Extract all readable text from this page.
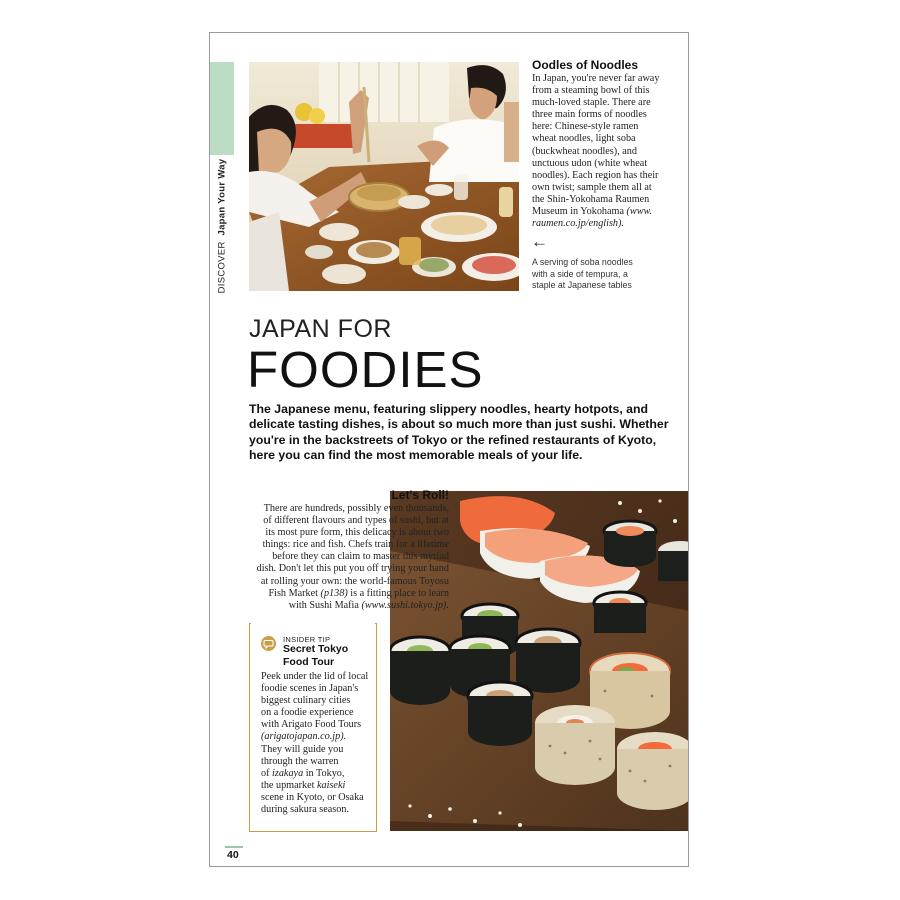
DISCOVER  Japan Your Way
Oodles of Noodles
In Japan, you're never far away
from a steaming bowl of this
much-loved staple. There are
three main forms of noodles
here: Chinese-style ramen
wheat noodles, light soba
(buckwheat noodles), and
unctuous udon (white wheat
noodles). Each region has their
own twist; sample them all at
the Shin-Yokohama Raumen
Museum in Yokohama (www.
raumen.co.jp/english).
←
A serving of soba noodles
with a side of tempura, a
staple at Japanese tables
JAPAN FOR
FOODIES
The Japanese menu, featuring slippery noodles, hearty hotpots, and
delicate tasting dishes, is about so much more than just sushi. Whether
you're in the backstreets of Tokyo or the refined restaurants of Kyoto,
here you can find the most memorable meals of your life.
Let's Roll!
There are hundreds, possibly even thousands,
of different flavours and types of sushi, but at
its most pure form, this delicacy is about two
things: rice and fish. Chefs train for a lifetime
before they can claim to master this myriad
dish. Don't let this put you off trying your hand
at rolling your own: the world-famous Toyosu
Fish Market (p138) is a fitting place to learn
with Sushi Mafia (www.sushi.tokyo.jp).
INSIDER TIP
Secret Tokyo
Food Tour
Peek under the lid of local
foodie scenes in Japan's
biggest culinary cities
on a foodie experience
with Arigato Food Tours
(arigatojapan.co.jp).
They will guide you
through the warren
of izakaya in Tokyo,
the upmarket kaiseki
scene in Kyoto, or Osaka
during sakura season.
40
